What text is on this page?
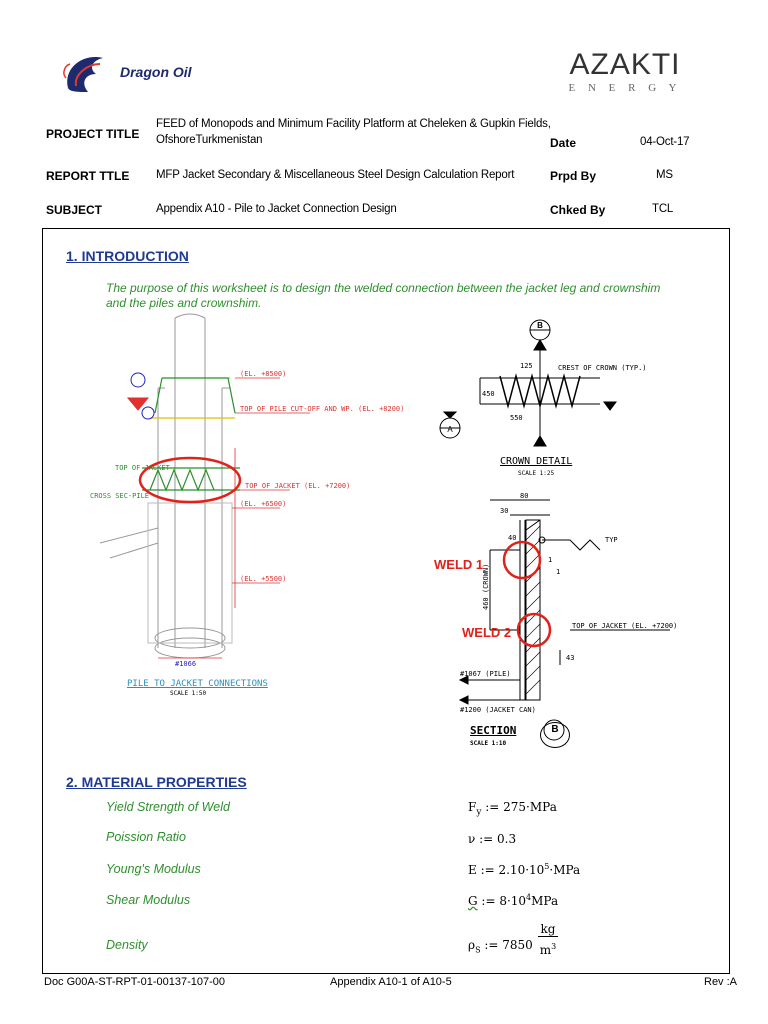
Dragon Oil	AZAKTI
E N E R G Y
PROJECT TITLE
FEED of Monopods and Minimum Facility Platform at Cheleken & Gupkin Fields,
OfshoreTurkmenistan	Date	04-Oct-17
REPORT TTLE MFP Jacket Secondary & Miscellaneous Steel Design Calculation Report	Prpd By	MS
SUBJECT	Appendix A10 - Pile to Jacket Connection Design	Chked By	TCL
1. INTRODUCTION
The purpose of this worksheet is to design the welded connection between the jacket leg and crownshim
and the piles and crownshim.
(EL. +8500)
TOP OF PILE CUT-OFF AND WP. (EL. +8200)
TOP OF JACKET (EL. +7200)
(EL. +6500)
(EL. +5500)
TOP OF JACKET
CROSS SEC-PILE
#1066
PILE TO JACKET CONNECTIONS
SCALE 1:50
A
B
CREST OF CROWN (TYP.)
450
550
125
CROWN DETAIL
SCALE 1:25
80
30
40	TYP
460 (CROWN)
TOP OF JACKET (EL. +7200)
#1067 (PILE)
#1200 (JACKET CAN)
1
1
43
WELD 1
WELD 2
SECTION
SCALE 1:10
B
2. MATERIAL PROPERTIES
Yield Strength of Weld	$F_y$ := 275·MPa
Poission Ratio	ν := 0.3
Young's Modulus	E := $2.10\cdot 10^5\cdot MPa$
Shear Modulus	G := $8\cdot 10^4MPa$
Density	$\rho_S$ := 7850
kg
$m^3$
Doc G00A-ST-RPT-01-00137-107-00	Appendix A10-1 of A10-5	Rev :A
